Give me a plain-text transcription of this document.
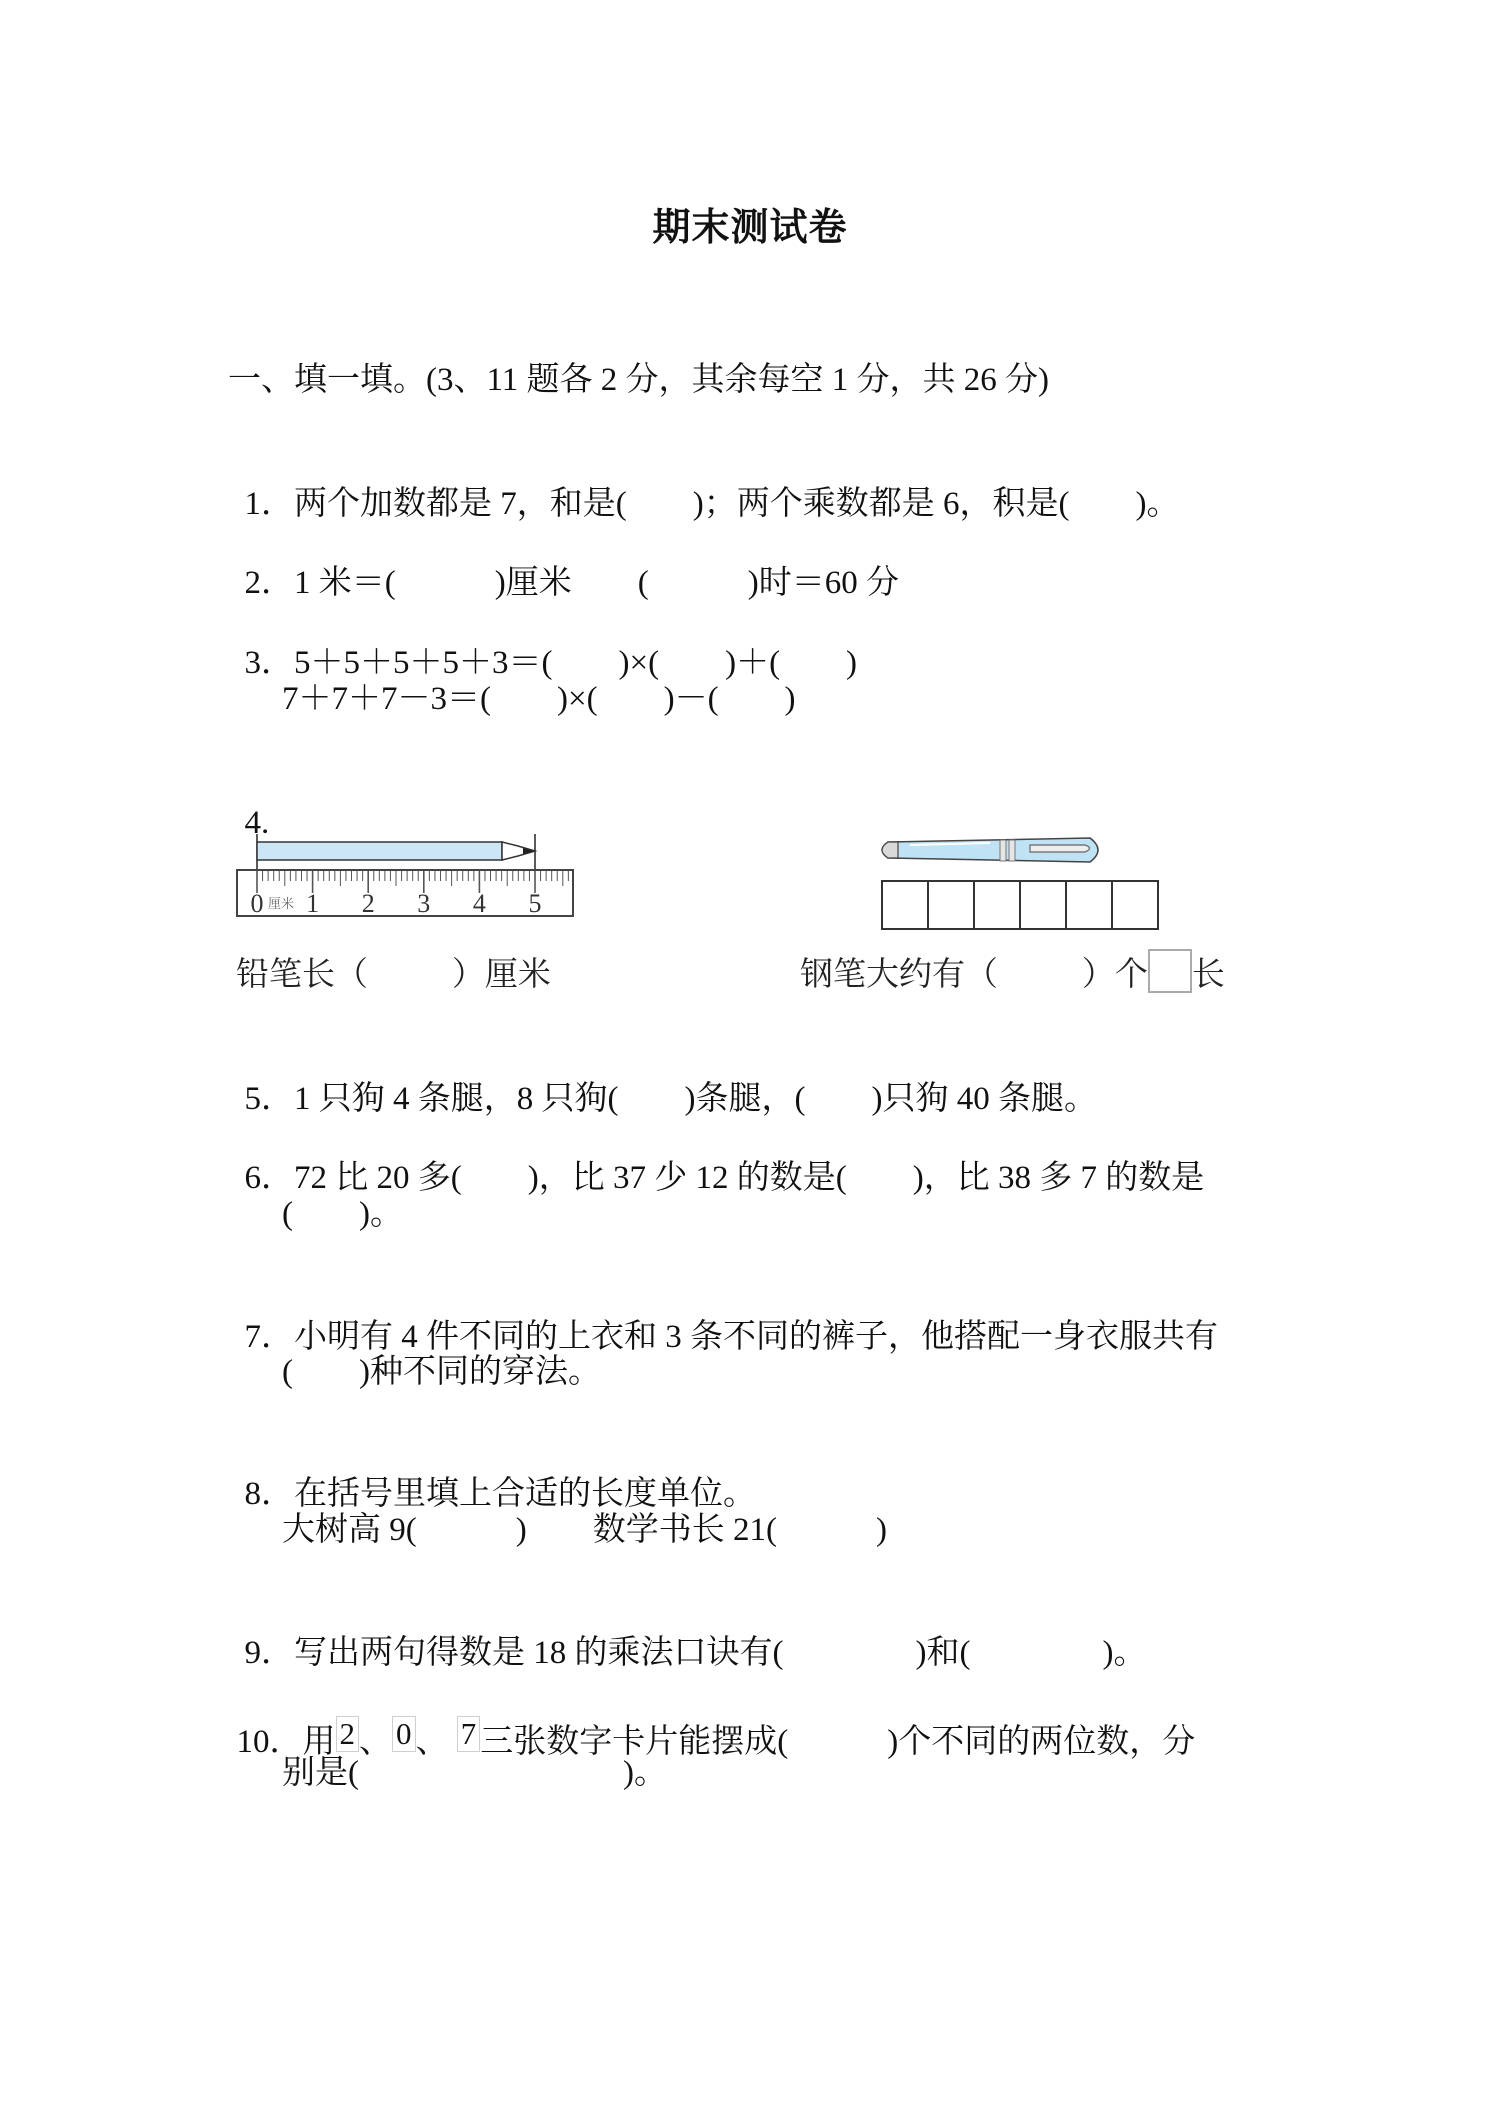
期末测试卷
一、填一填。(3、11 题各 2 分，其余每空 1 分，共 26 分)

1．两个加数都是 7，和是(        )；两个乘数都是 6，积是(        )。

2．1 米＝(            )厘米        (            )时＝60 分

3．5＋5＋5＋5＋3＝(        )×(        )＋(        )

7＋7＋7－3＝(        )×(        )－(        )

4.

0 1 2 3 4 5
厘米
铅笔长（        ）厘米	钢笔大约有（        ）个 长

5．1 只狗 4 条腿，8 只狗(        )条腿，(        )只狗 40 条腿。

6．72 比 20 多(        )，比 37 少 12 的数是(        )，比 38 多 7 的数是

(        )。

7．小明有 4 件不同的上衣和 3 条不同的裤子，他搭配一身衣服共有

(        )种不同的穿法。

8．在括号里填上合适的长度单位。

大树高 9(            )        数学书长 21(            )

9．写出两句得数是 18 的乘法口诀有(                )和(                )。

10．用 2 、 0 、 7 三张数字卡片能摆成(            )个不同的两位数，分

别是(                                )。
